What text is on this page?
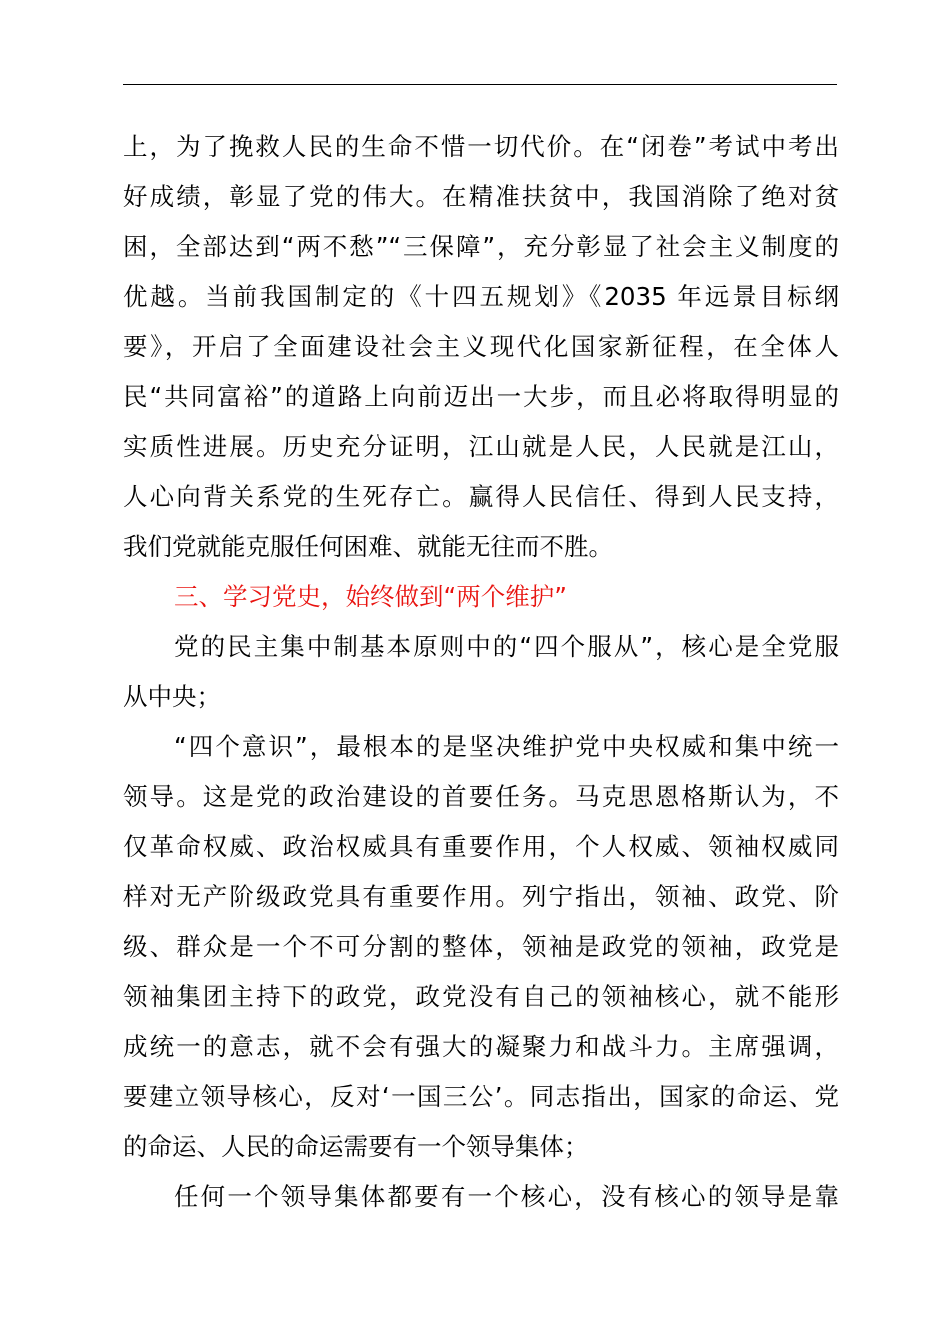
上，为了挽救人民的生命不惜一切代价。在“闭卷”考试中考出
好成绩，彰显了党的伟大。在精准扶贫中，我国消除了绝对贫
困，全部达到“两不愁”“三保障”，充分彰显了社会主义制度的
优越。当前我国制定的《十四五规划》《2035 年远景目标纲
要》，开启了全面建设社会主义现代化国家新征程，在全体人
民“共同富裕”的道路上向前迈出一大步，而且必将取得明显的
实质性进展。历史充分证明，江山就是人民，人民就是江山，
人心向背关系党的生死存亡。赢得人民信任、得到人民支持，
我们党就能克服任何困难、就能无往而不胜。
三、学习党史，始终做到“两个维护”
党的民主集中制基本原则中的“四个服从”，核心是全党服
从中央；
“四个意识”，最根本的是坚决维护党中央权威和集中统一
领导。这是党的政治建设的首要任务。马克思恩格斯认为，不
仅革命权威、政治权威具有重要作用，个人权威、领袖权威同
样对无产阶级政党具有重要作用。列宁指出，领袖、政党、阶
级、群众是一个不可分割的整体，领袖是政党的领袖，政党是
领袖集团主持下的政党，政党没有自己的领袖核心，就不能形
成统一的意志，就不会有强大的凝聚力和战斗力。主席强调，
要建立领导核心，反对‘一国三公’。同志指出，国家的命运、党
的命运、人民的命运需要有一个领导集体；
任何一个领导集体都要有一个核心，没有核心的领导是靠
